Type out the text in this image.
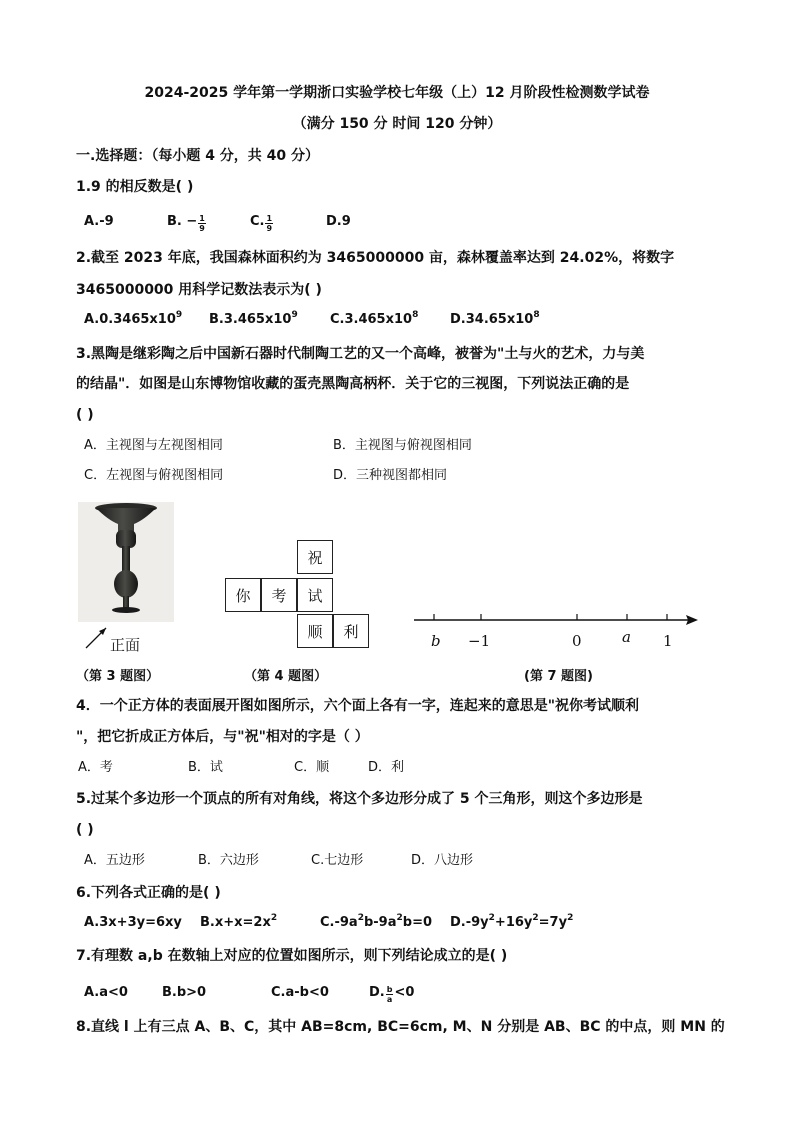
2024-2025 学年第一学期浙口实验学校七年级（上）12 月阶段性检测数学试卷
（满分 150 分 时间 120 分钟）
一.选择题：（每小题 4 分，共 40 分）
1.9 的相反数是( )
A.-9	B. − $\frac{1}{9}$	C. $\frac{1}{9}$	D.9
2.截至 2023 年底，我国森林面积约为 3465000000 亩，森林覆盖率达到 24.02%，将数字
3465000000 用科学记数法表示为( )
$A.0.3465x10^9$ $B.3.465x10^9$ $C.3.465x10^8$ $D.34.65x10^8$
3.黑陶是继彩陶之后中国新石器时代制陶工艺的又一个高峰，被誉为"土与火的艺术，力与美
的结晶"．如图是山东博物馆收藏的蛋壳黑陶高柄杯．关于它的三视图，下列说法正确的是
( )
A．主视图与左视图相同	B．主视图与俯视图相同
C．左视图与俯视图相同	D．三种视图都相同
正面
祝
你	考	试
顺	利
b −1	0	a 1
（第 3 题图）	（第 4 题图）	(第 7 题图)
4．一个正方体的表面展开图如图所示，六个面上各有一字，连起来的意思是"祝你考试顺利
"，把它折成正方体后，与"祝"相对的字是（ ）
A．考	B．试	C．顺	D．利
5.过某个多边形一个顶点的所有对角线，将这个多边形分成了 5 个三角形，则这个多边形是
( )
A．五边形	B．六边形	C.七边形	D．八边形
6.下列各式正确的是( )
A.3x+3y=6xy $B.x+x=2x^2$	$C.-9a^2b-9a^2b=0$ $D.-9y^2+16y^2=7y^2$
7.有理数 a,b 在数轴上对应的位置如图所示，则下列结论成立的是( )
A.a<0	B.b>0	C.a-b<0	D. $\frac{b}{a} <0$
8.直线 l 上有三点 A、B、C，其中 AB=8cm, BC=6cm, M、N 分别是 AB、BC 的中点，则 MN 的
